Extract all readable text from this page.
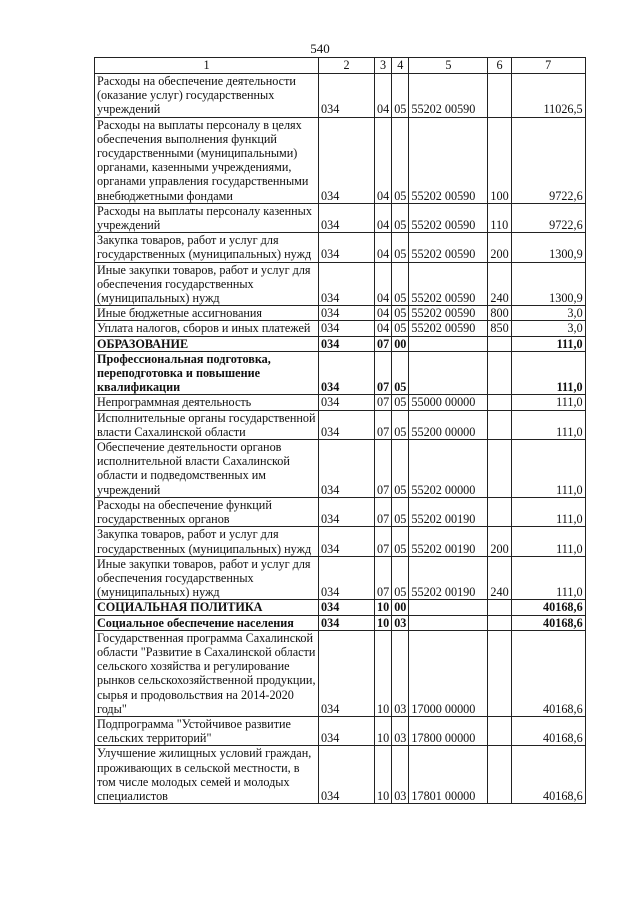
540
1	2	3	4	5	6	7
Расходы на обеспечение деятельности (оказание услуг) государственных учреждений	034	04	05	55202 00590		11026,5
Расходы на выплаты персоналу в целях обеспечения выполнения функций государственными (муниципальными) органами, казенными учреждениями, органами управления государственными внебюджетными фондами	034	04	05	55202 00590	100	9722,6
Расходы на выплаты персоналу казенных учреждений	034	04	05	55202 00590	110	9722,6
Закупка товаров, работ и услуг для государственных (муниципальных) нужд	034	04	05	55202 00590	200	1300,9
Иные закупки товаров, работ и услуг для обеспечения государственных (муниципальных) нужд	034	04	05	55202 00590	240	1300,9
Иные бюджетные ассигнования	034	04	05	55202 00590	800	3,0
Уплата налогов, сборов и иных платежей	034	04	05	55202 00590	850	3,0
ОБРАЗОВАНИЕ	034	07	00			111,0
Профессиональная подготовка, переподготовка и повышение квалификации	034	07	05			111,0
Непрограммная деятельность	034	07	05	55000 00000		111,0
Исполнительные органы государственной власти Сахалинской области	034	07	05	55200 00000		111,0
Обеспечение деятельности органов исполнительной власти Сахалинской области и подведомственных им учреждений	034	07	05	55202 00000		111,0
Расходы на обеспечение функций государственных органов	034	07	05	55202 00190		111,0
Закупка товаров, работ и услуг для государственных (муниципальных) нужд	034	07	05	55202 00190	200	111,0
Иные закупки товаров, работ и услуг для обеспечения государственных (муниципальных) нужд	034	07	05	55202 00190	240	111,0
СОЦИАЛЬНАЯ ПОЛИТИКА	034	10	00			40168,6
Социальное обеспечение населения	034	10	03			40168,6
Государственная программа Сахалинской области "Развитие в Сахалинской области сельского хозяйства и регулирование рынков сельскохозяйственной продукции, сырья и продовольствия на 2014-2020 годы"	034	10	03	17000 00000		40168,6
Подпрограмма "Устойчивое развитие сельских территорий"	034	10	03	17800 00000		40168,6
Улучшение жилищных условий граждан, проживающих в сельской местности, в том числе молодых семей и молодых специалистов	034	10	03	17801 00000		40168,6
